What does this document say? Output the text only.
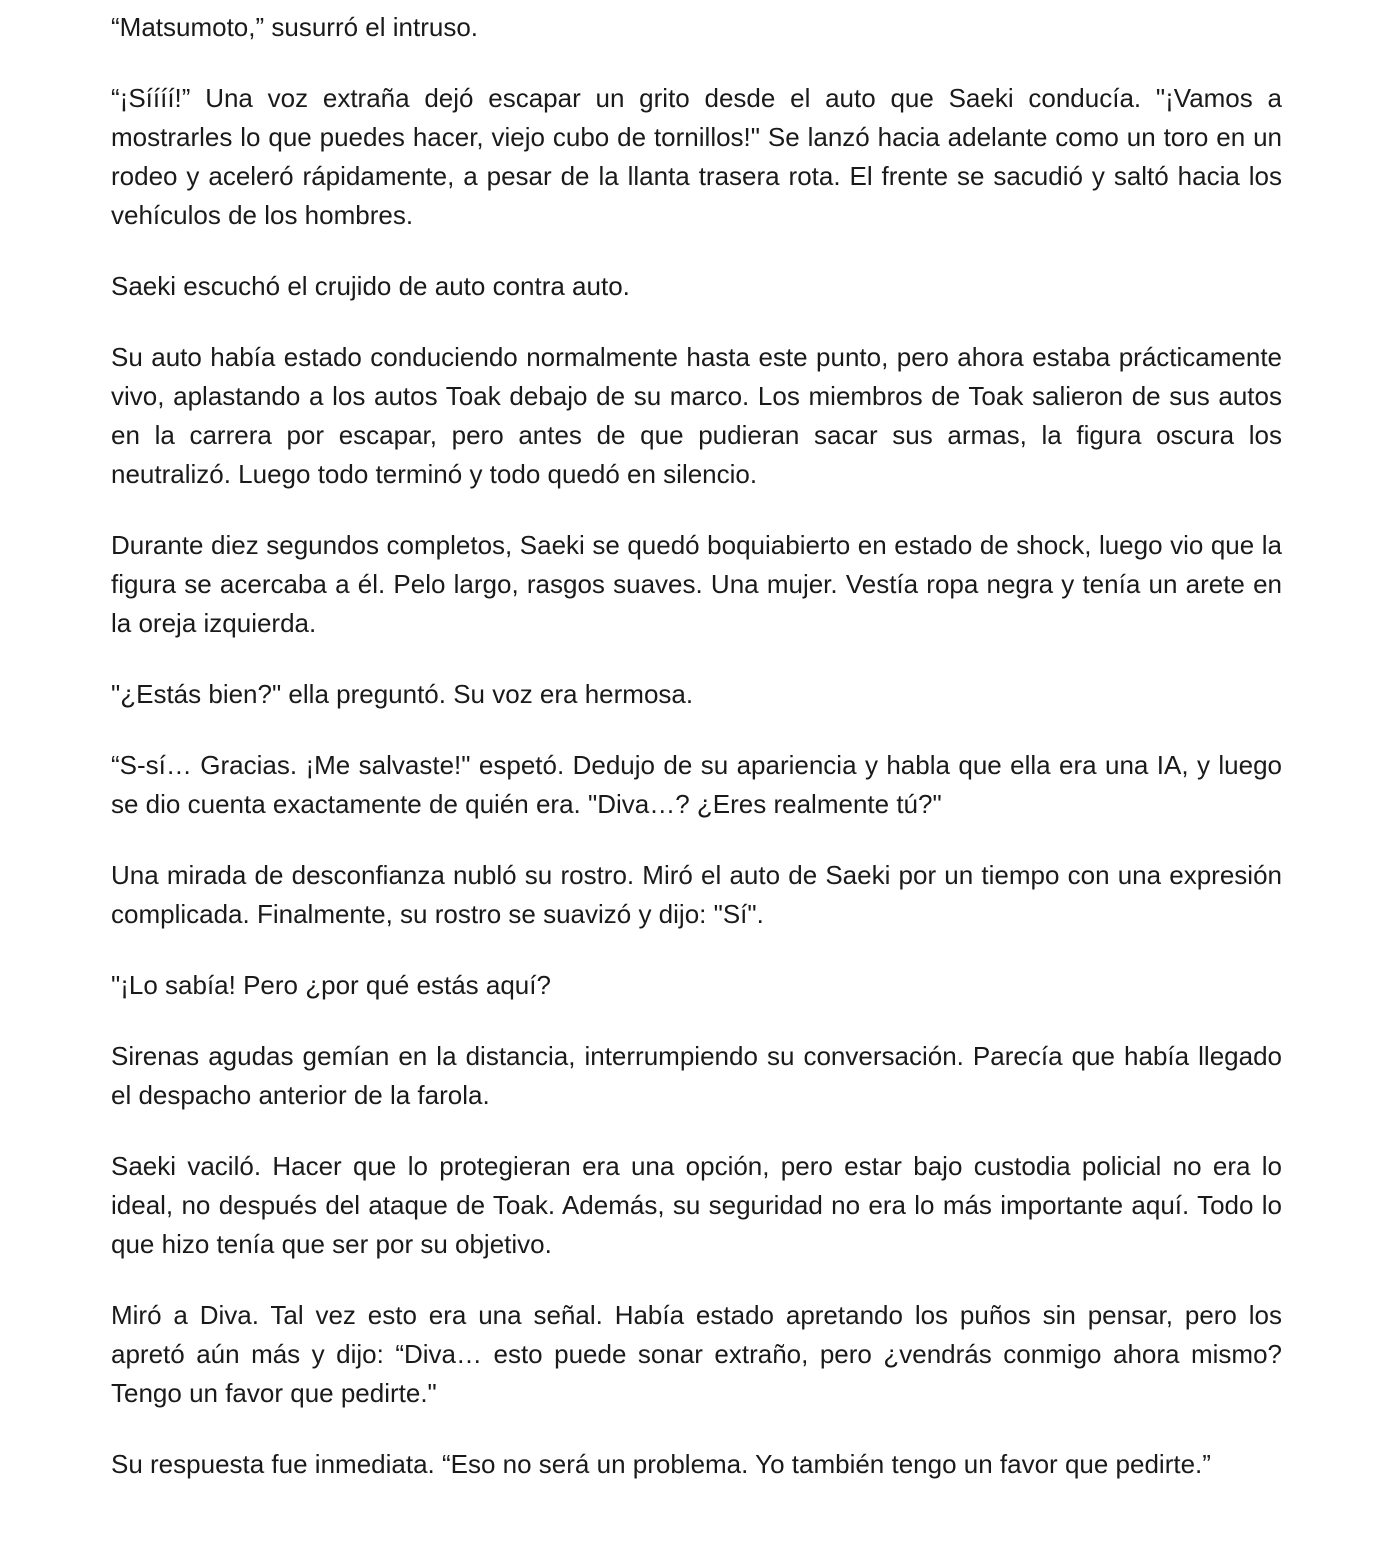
“Matsumoto,” susurró el intruso.

“¡Síííí!” Una voz extraña dejó escapar un grito desde el auto que Saeki conducía. "¡Vamos a mostrarles lo que puedes hacer, viejo cubo de tornillos!" Se lanzó hacia adelante como un toro en un rodeo y aceleró rápidamente, a pesar de la llanta trasera rota. El frente se sacudió y saltó hacia los vehículos de los hombres.

Saeki escuchó el crujido de auto contra auto.

Su auto había estado conduciendo normalmente hasta este punto, pero ahora estaba prácticamente vivo, aplastando a los autos Toak debajo de su marco. Los miembros de Toak salieron de sus autos en la carrera por escapar, pero antes de que pudieran sacar sus armas, la figura oscura los neutralizó. Luego todo terminó y todo quedó en silencio.

Durante diez segundos completos, Saeki se quedó boquiabierto en estado de shock, luego vio que la figura se acercaba a él. Pelo largo, rasgos suaves. Una mujer. Vestía ropa negra y tenía un arete en la oreja izquierda.

"¿Estás bien?" ella preguntó. Su voz era hermosa.

“S-sí… Gracias. ¡Me salvaste!" espetó. Dedujo de su apariencia y habla que ella era una IA, y luego se dio cuenta exactamente de quién era. "Diva…? ¿Eres realmente tú?"

Una mirada de desconfianza nubló su rostro. Miró el auto de Saeki por un tiempo con una expresión complicada. Finalmente, su rostro se suavizó y dijo: "Sí".

"¡Lo sabía! Pero ¿por qué estás aquí?

Sirenas agudas gemían en la distancia, interrumpiendo su conversación. Parecía que había llegado el despacho anterior de la farola.

Saeki vaciló. Hacer que lo protegieran era una opción, pero estar bajo custodia policial no era lo ideal, no después del ataque de Toak. Además, su seguridad no era lo más importante aquí. Todo lo que hizo tenía que ser por su objetivo.

Miró a Diva. Tal vez esto era una señal. Había estado apretando los puños sin pensar, pero los apretó aún más y dijo: “Diva… esto puede sonar extraño, pero ¿vendrás conmigo ahora mismo? Tengo un favor que pedirte."

Su respuesta fue inmediata. “Eso no será un problema. Yo también tengo un favor que pedirte.”
